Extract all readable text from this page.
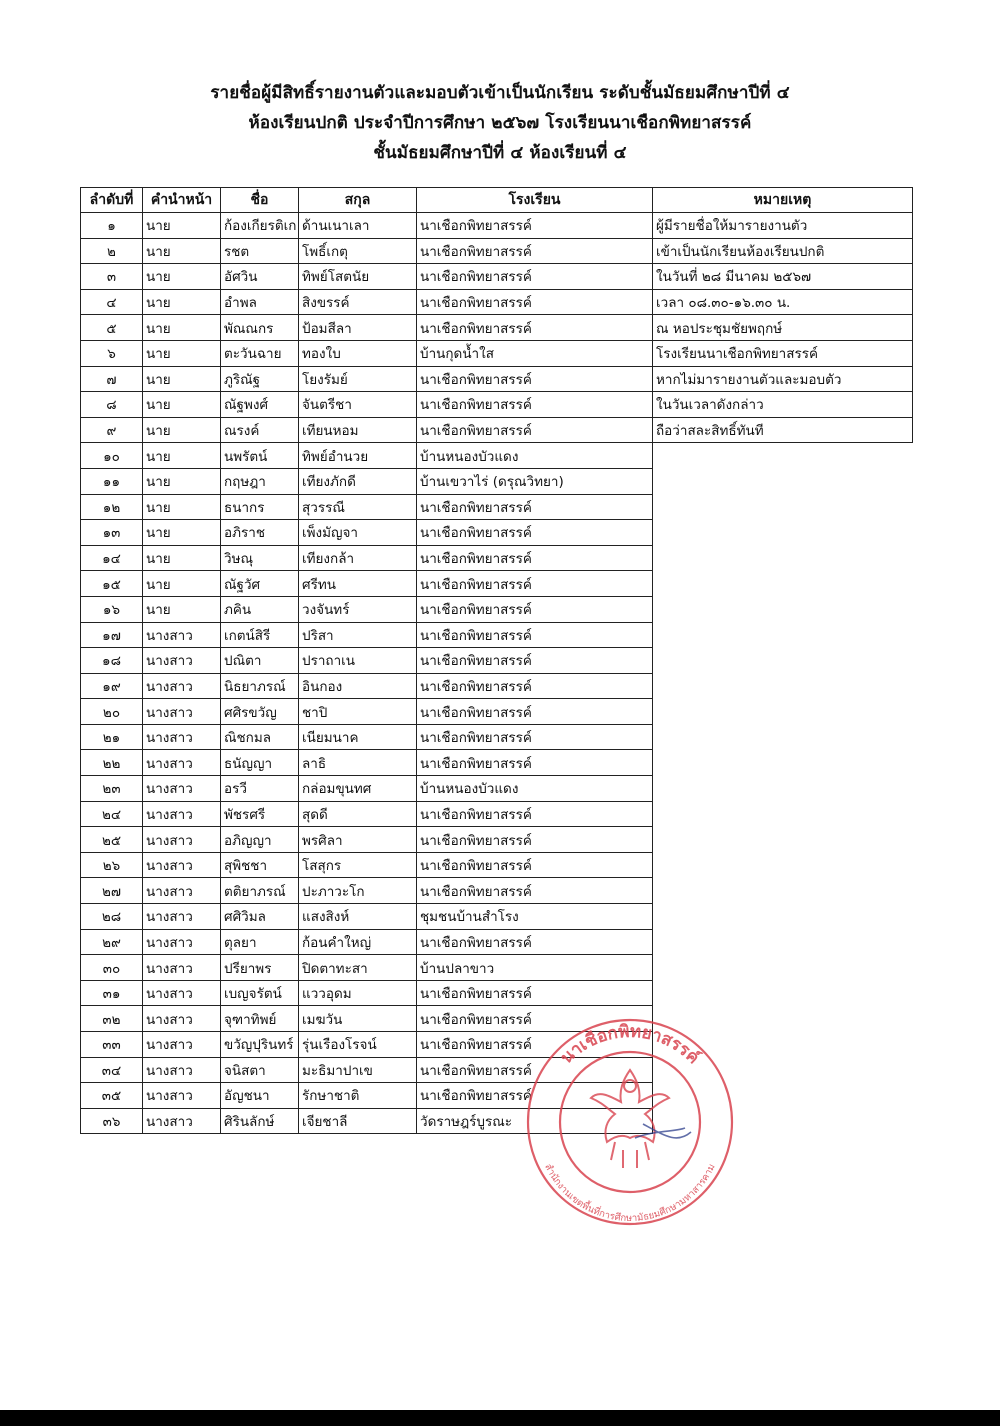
รายชื่อผู้มีสิทธิ์รายงานตัวและมอบตัวเข้าเป็นนักเรียน ระดับชั้นมัธยมศึกษาปีที่ ๔
ห้องเรียนปกติ ประจำปีการศึกษา ๒๕๖๗ โรงเรียนนาเชือกพิทยาสรรค์
ชั้นมัธยมศึกษาปีที่ ๔ ห้องเรียนที่ ๔
ลำดับที่	คำนำหน้า	ชื่อ	สกุล	โรงเรียน	หมายเหตุ
๑	นาย	ก้องเกียรติเก	ด้านเนาเลา	นาเชือกพิทยาสรรค์	ผู้มีรายชื่อให้มารายงานตัว
๒	นาย	รชต	โพธิ์เกตุ	นาเชือกพิทยาสรรค์	เข้าเป็นนักเรียนห้องเรียนปกติ
๓	นาย	อัศวิน	ทิพย์โสตนัย	นาเชือกพิทยาสรรค์	ในวันที่ ๒๘ มีนาคม ๒๕๖๗
๔	นาย	อำพล	สิงขรรค์	นาเชือกพิทยาสรรค์	เวลา ๐๘.๓๐-๑๖.๓๐ น.
๕	นาย	พัณณกร	ป้อมสีลา	นาเชือกพิทยาสรรค์	ณ หอประชุมชัยพฤกษ์
๖	นาย	ตะวันฉาย	ทองใบ	บ้านกุดน้ำใส	โรงเรียนนาเชือกพิทยาสรรค์
๗	นาย	ภูริณัฐ	โยงรัมย์	นาเชือกพิทยาสรรค์	หากไม่มารายงานตัวและมอบตัว
๘	นาย	ณัฐพงศ์	จันตรีชา	นาเชือกพิทยาสรรค์	ในวันเวลาดังกล่าว
๙	นาย	ณรงค์	เทียนหอม	นาเชือกพิทยาสรรค์	ถือว่าสละสิทธิ์ทันที
๑๐	นาย	นพรัตน์	ทิพย์อำนวย	บ้านหนองบัวแดง	
๑๑	นาย	กฤษฎา	เทียงภักดี	บ้านเขวาไร่ (ดรุณวิทยา)	
๑๒	นาย	ธนากร	สุวรรณี	นาเชือกพิทยาสรรค์	
๑๓	นาย	อภิราช	เพ็งมัญจา	นาเชือกพิทยาสรรค์	
๑๔	นาย	วิษณุ	เทียงกล้า	นาเชือกพิทยาสรรค์	
๑๕	นาย	ณัฐวัศ	ศรีทน	นาเชือกพิทยาสรรค์	
๑๖	นาย	ภคิน	วงจันทร์	นาเชือกพิทยาสรรค์	
๑๗	นางสาว	เกตน์สิรี	ปริสา	นาเชือกพิทยาสรรค์	
๑๘	นางสาว	ปณิตา	ปราถาเน	นาเชือกพิทยาสรรค์	
๑๙	นางสาว	นิธยาภรณ์	อินกอง	นาเชือกพิทยาสรรค์	
๒๐	นางสาว	ศศิรขวัญ	ชาปิ	นาเชือกพิทยาสรรค์	
๒๑	นางสาว	ณิชกมล	เนียมนาค	นาเชือกพิทยาสรรค์	
๒๒	นางสาว	ธนัญญา	ลาธิ	นาเชือกพิทยาสรรค์	
๒๓	นางสาว	อรวี	กล่อมขุนทศ	บ้านหนองบัวแดง	
๒๔	นางสาว	พัชรศรี	สุดดี	นาเชือกพิทยาสรรค์	
๒๕	นางสาว	อภิญญา	พรศิลา	นาเชือกพิทยาสรรค์	
๒๖	นางสาว	สุพิชชา	โสสุกร	นาเชือกพิทยาสรรค์	
๒๗	นางสาว	ตติยาภรณ์	ปะภาวะโก	นาเชือกพิทยาสรรค์	
๒๘	นางสาว	ศศิวิมล	แสงสิงห์	ชุมชนบ้านสำโรง	
๒๙	นางสาว	ตุลยา	ก้อนคำใหญ่	นาเชือกพิทยาสรรค์	
๓๐	นางสาว	ปรียาพร	ปิดตาทะสา	บ้านปลาขาว	
๓๑	นางสาว	เบญจรัตน์	แววอุดม	นาเชือกพิทยาสรรค์	
๓๒	นางสาว	จุฑาทิพย์	เมฆวัน	นาเชือกพิทยาสรรค์	
๓๓	นางสาว	ขวัญปุรินทร์	รุ่นเรืองโรจน์	นาเชือกพิทยาสรรค์	
๓๔	นางสาว	จนิสตา	มะธิมาปาเข	นาเชือกพิทยาสรรค์	
๓๕	นางสาว	อัญชนา	รักษาชาติ	นาเชือกพิทยาสรรค์	
๓๖	นางสาว	ศิรินลักษ์	เจียชาลี	วัดราษฎร์บูรณะ	
นาเชือกพิทยาสรรค์
สำนักงานเขตพื้นที่การศึกษามัธยมศึกษามหาสารคาม
